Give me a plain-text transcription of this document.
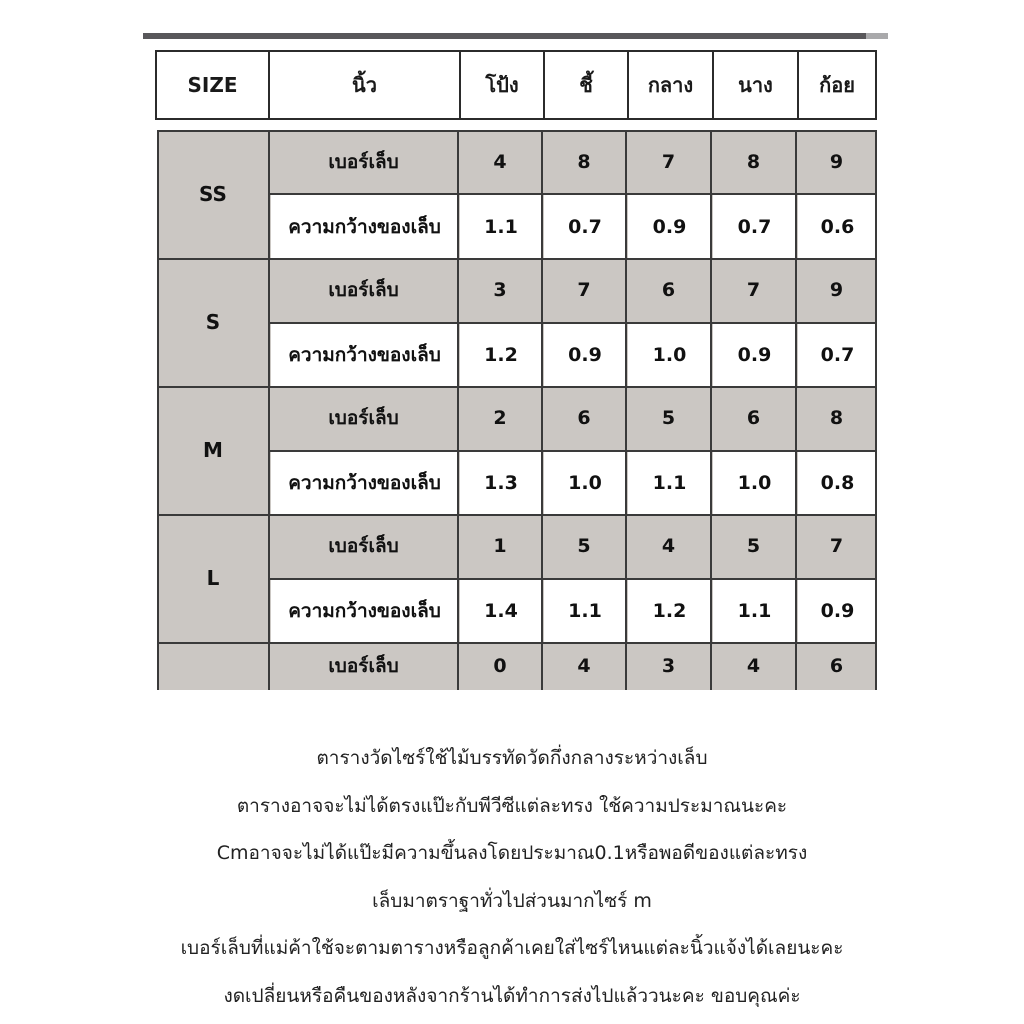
SIZE	นิ้ว	โป้ง	ชี้	กลาง	นาง	ก้อย
SS
เบอร์เล็บ	4	8	7	8	9
ความกว้างของเล็บ	1.1	0.7	0.9	0.7	0.6
S
เบอร์เล็บ	3	7	6	7	9
ความกว้างของเล็บ	1.2	0.9	1.0	0.9	0.7
M
เบอร์เล็บ	2	6	5	6	8
ความกว้างของเล็บ	1.3	1.0	1.1	1.0	0.8
L
เบอร์เล็บ	1	5	4	5	7
ความกว้างของเล็บ	1.4	1.1	1.2	1.1	0.9
เบอร์เล็บ	0	4	3	4	6
ตารางวัดไซร์ใช้ไม้บรรทัดวัดกึ่งกลางระหว่างเล็บ
ตารางอาจจะไม่ได้ตรงแป๊ะกับพีวีซีแต่ละทรง ใช้ความประมาณนะคะ
Cmอาจจะไม่ได้แป๊ะมีความขึ้นลงโดยประมาณ0.1หรือพอดีของแต่ละทรง
เล็บมาตราฐาทั่วไปส่วนมากไซร์ m
เบอร์เล็บที่แม่ค้าใช้จะตามตารางหรือลูกค้าเคยใส่ไซร์ไหนแต่ละนิ้วแจ้งได้เลยนะคะ
งดเปลี่ยนหรือคืนของหลังจากร้านได้ทำการส่งไปแล้ววนะคะ ขอบคุณค่ะ
